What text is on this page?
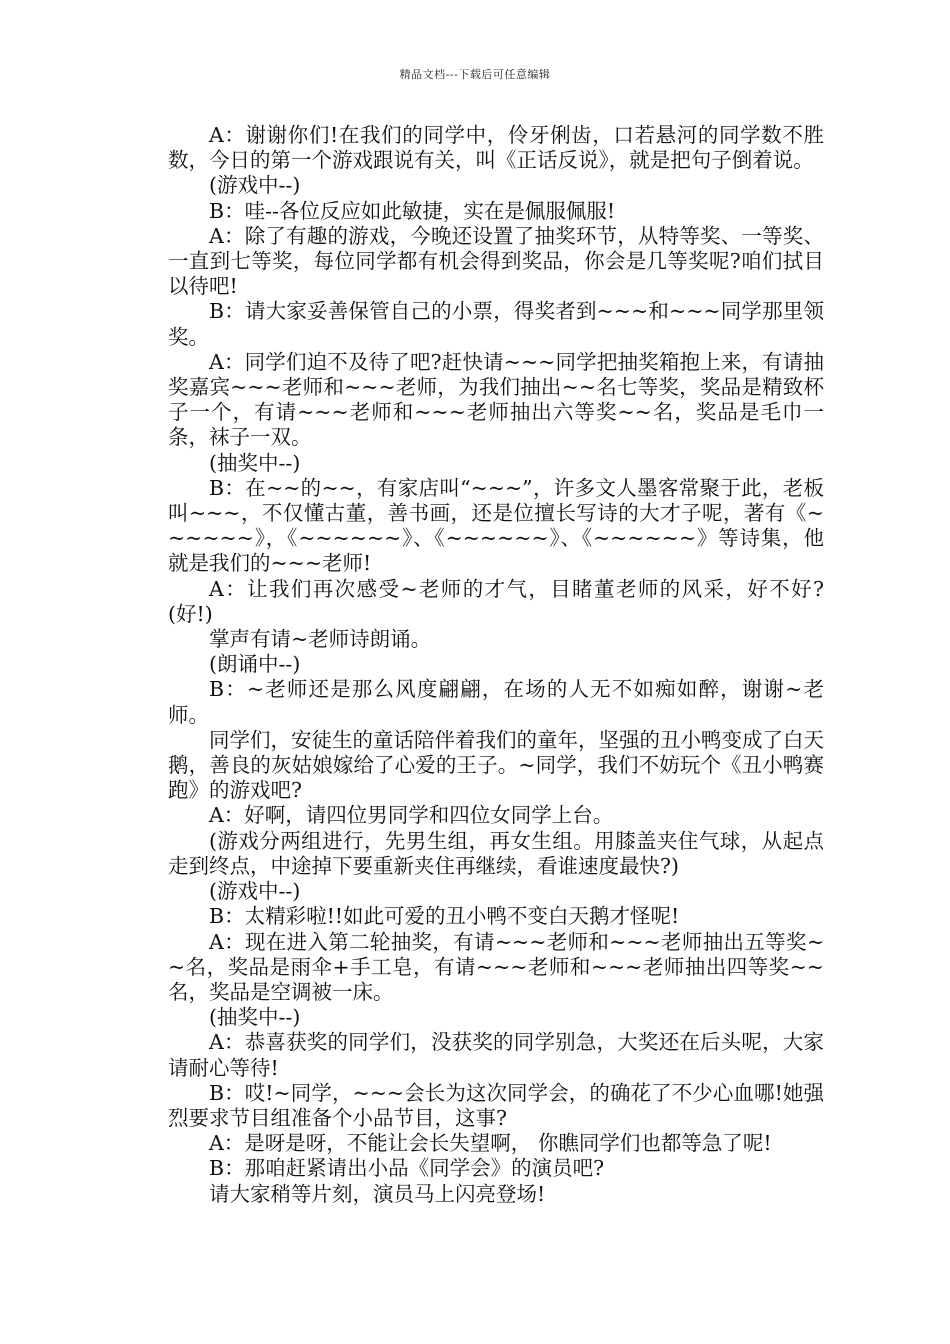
精品文档---下载后可任意编辑

A：谢谢你们!在我们的同学中，伶牙俐齿，口若悬河的同学数不胜数，今日的第一个游戏跟说有关，叫《正话反说》，就是把句子倒着说。

(游戏中--)

B：哇--各位反应如此敏捷，实在是佩服佩服!

A：除了有趣的游戏，今晚还设置了抽奖环节，从特等奖、一等奖、一直到七等奖，每位同学都有机会得到奖品，你会是几等奖呢?咱们拭目以待吧!

B：请大家妥善保管自己的小票，得奖者到~~~和~~~同学那里领奖。

A：同学们迫不及待了吧?赶快请~~~同学把抽奖箱抱上来，有请抽奖嘉宾~~~老师和~~~老师，为我们抽出~~名七等奖，奖品是精致杯子一个，有请~~~老师和~~~老师抽出六等奖~~名，奖品是毛巾一条，袜子一双。

(抽奖中--)

B：在~~的~~，有家店叫“~~~”，许多文人墨客常聚于此，老板叫~~~，不仅懂古董，善书画，还是位擅长写诗的大才子呢，著有《~~~~~~》，《~~~~~~》、《~~~~~~》、《~~~~~~》等诗集，他就是我们的~~~老师!

A：让我们再次感受~老师的才气，目睹董老师的风采，好不好?(好!)

掌声有请~老师诗朗诵。

(朗诵中--)

B：~老师还是那么风度翩翩，在场的人无不如痴如醉，谢谢~老师。

同学们，安徒生的童话陪伴着我们的童年，坚强的丑小鸭变成了白天鹅，善良的灰姑娘嫁给了心爱的王子。~同学，我们不妨玩个《丑小鸭赛跑》的游戏吧?

A：好啊，请四位男同学和四位女同学上台。

(游戏分两组进行，先男生组，再女生组。用膝盖夹住气球，从起点走到终点，中途掉下要重新夹住再继续，看谁速度最快?)

(游戏中--)

B：太精彩啦!!如此可爱的丑小鸭不变白天鹅才怪呢!

A：现在进入第二轮抽奖，有请~~~老师和~~~老师抽出五等奖~~名，奖品是雨伞+手工皂，有请~~~老师和~~~老师抽出四等奖~~名，奖品是空调被一床。

(抽奖中--)

A：恭喜获奖的同学们，没获奖的同学别急，大奖还在后头呢，大家请耐心等待!

B：哎!~同学，~~~会长为这次同学会，的确花了不少心血哪!她强烈要求节目组准备个小品节目，这事?

A：是呀是呀，不能让会长失望啊， 你瞧同学们也都等急了呢!

B：那咱赶紧请出小品《同学会》的演员吧?

请大家稍等片刻，演员马上闪亮登场!
